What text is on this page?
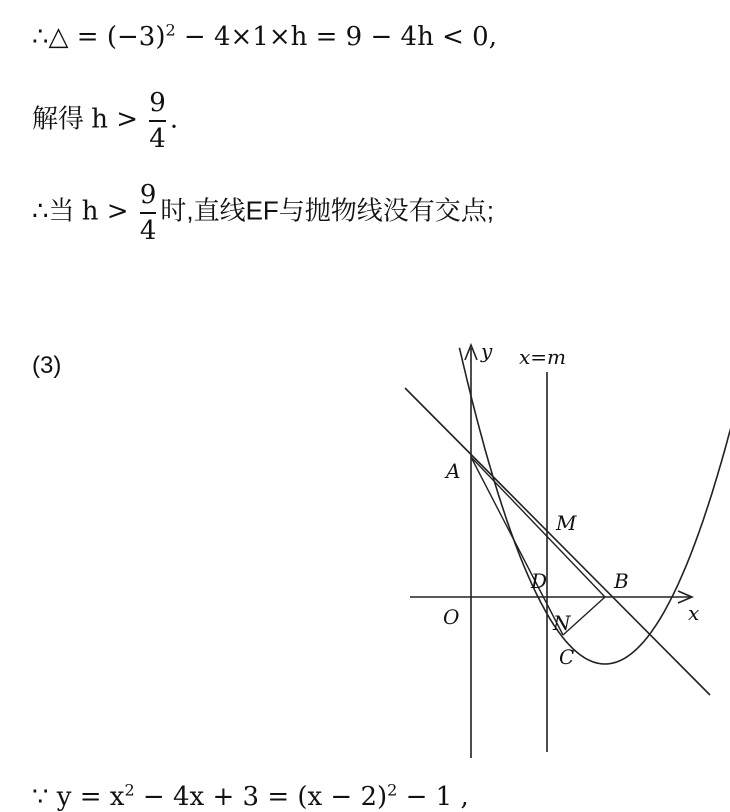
∴△ = $(-3)^2 - 4\times 1\times h = 9 - 4h < 0$,
解得 $h > \frac{9}{4}$ .
∴当 $h > \frac{9}{4}$ 时,直线EF与抛物线没有交点;
(3)
y x=m
x
A
M
D	B
O	N
C
∵ $y = x^2 - 4x + 3 = (x - 2)^2 - 1$ ,
